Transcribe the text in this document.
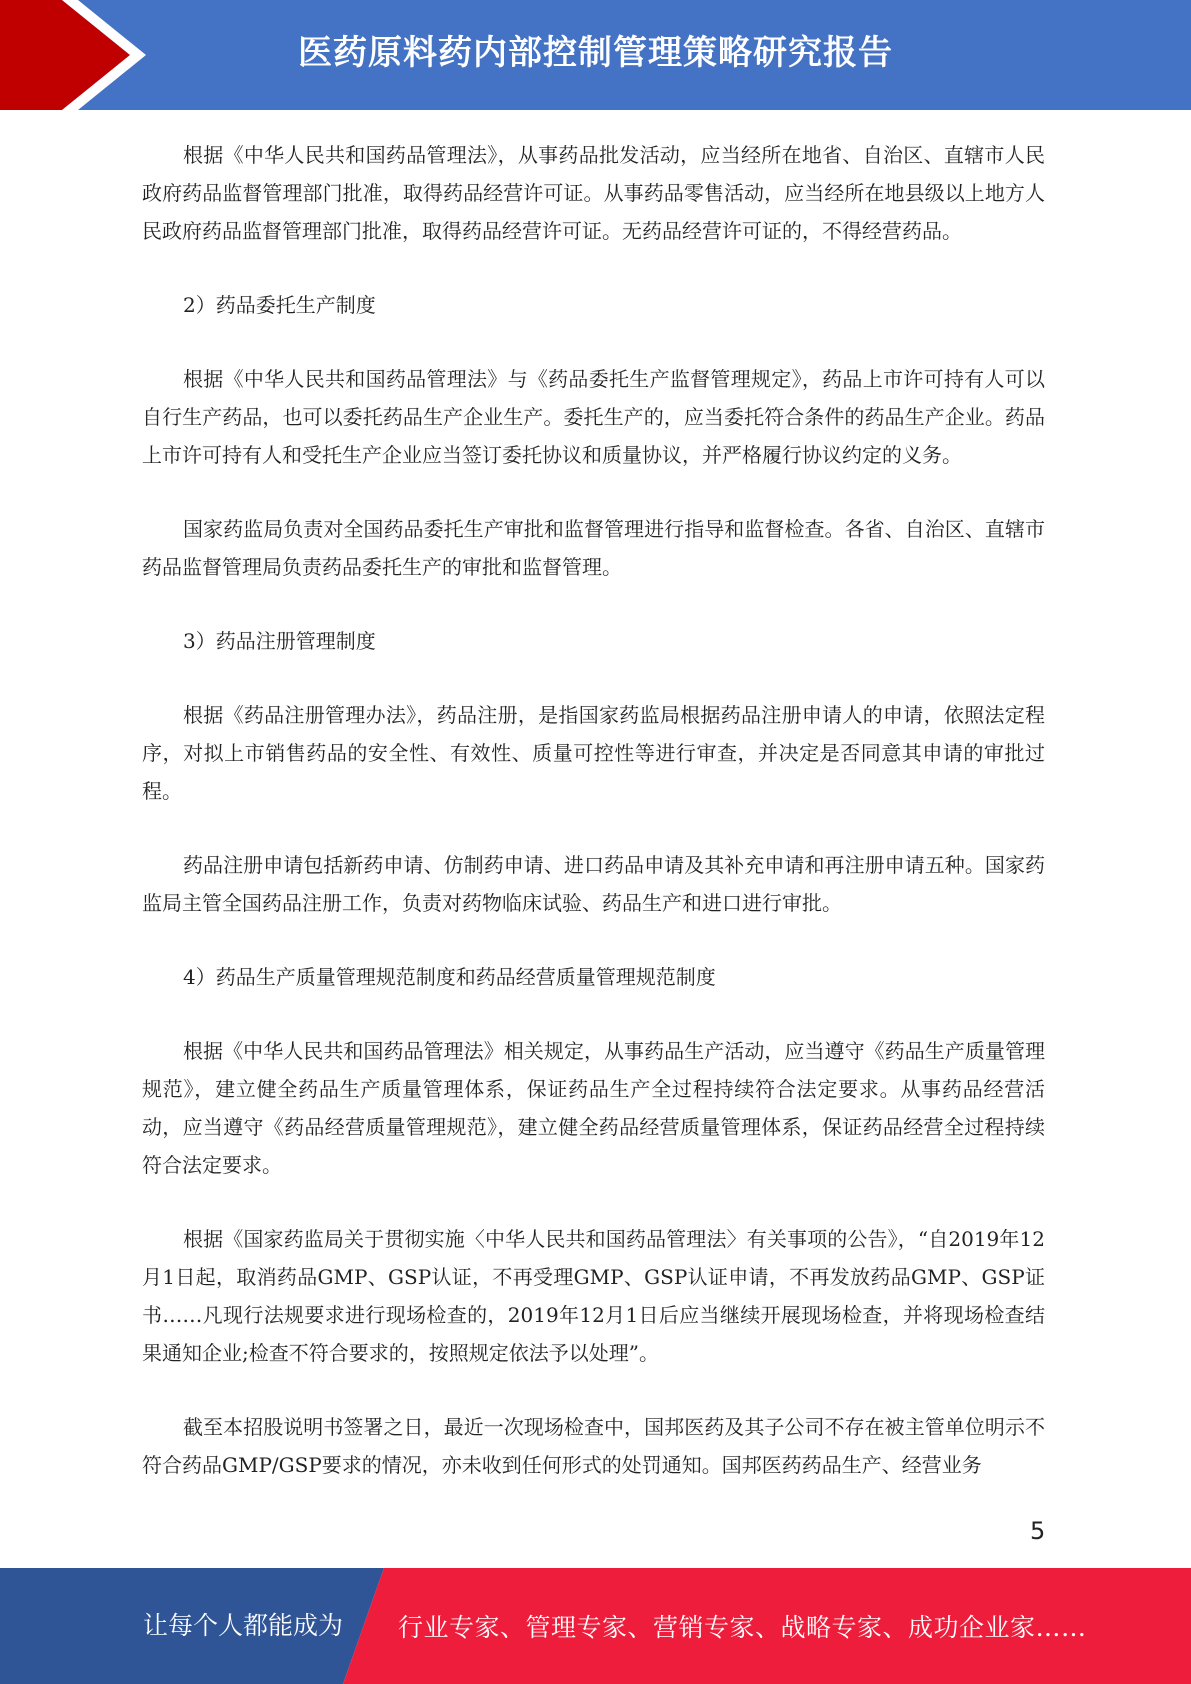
医药原料药内部控制管理策略研究报告

根据《中华人民共和国药品管理法》，从事药品批发活动，应当经所在地省、自治区、直辖市人民政府药品监督管理部门批准，取得药品经营许可证。从事药品零售活动，应当经所在地县级以上地方人民政府药品监督管理部门批准，取得药品经营许可证。无药品经营许可证的，不得经营药品。

2）药品委托生产制度

根据《中华人民共和国药品管理法》与《药品委托生产监督管理规定》，药品上市许可持有人可以自行生产药品，也可以委托药品生产企业生产。委托生产的，应当委托符合条件的药品生产企业。药品上市许可持有人和受托生产企业应当签订委托协议和质量协议，并严格履行协议约定的义务。

国家药监局负责对全国药品委托生产审批和监督管理进行指导和监督检查。各省、自治区、直辖市药品监督管理局负责药品委托生产的审批和监督管理。

3）药品注册管理制度

根据《药品注册管理办法》，药品注册，是指国家药监局根据药品注册申请人的申请，依照法定程序，对拟上市销售药品的安全性、有效性、质量可控性等进行审查，并决定是否同意其申请的审批过程。

药品注册申请包括新药申请、仿制药申请、进口药品申请及其补充申请和再注册申请五种。国家药监局主管全国药品注册工作，负责对药物临床试验、药品生产和进口进行审批。

4）药品生产质量管理规范制度和药品经营质量管理规范制度

根据《中华人民共和国药品管理法》相关规定，从事药品生产活动，应当遵守《药品生产质量管理规范》，建立健全药品生产质量管理体系，保证药品生产全过程持续符合法定要求。从事药品经营活动，应当遵守《药品经营质量管理规范》，建立健全药品经营质量管理体系，保证药品经营全过程持续符合法定要求。

根据《国家药监局关于贯彻实施〈中华人民共和国药品管理法〉有关事项的公告》，“自2019年12月1日起，取消药品GMP、GSP认证，不再受理GMP、GSP认证申请，不再发放药品GMP、GSP证书……凡现行法规要求进行现场检查的，2019年12月1日后应当继续开展现场检查，并将现场检查结果通知企业;检查不符合要求的，按照规定依法予以处理”。

截至本招股说明书签署之日，最近一次现场检查中，国邦医药及其子公司不存在被主管单位明示不符合药品GMP/GSP要求的情况，亦未收到任何形式的处罚通知。国邦医药药品生产、经营业务

5
让每个人都能成为 行业专家、管理专家、营销专家、战略专家、成功企业家……
